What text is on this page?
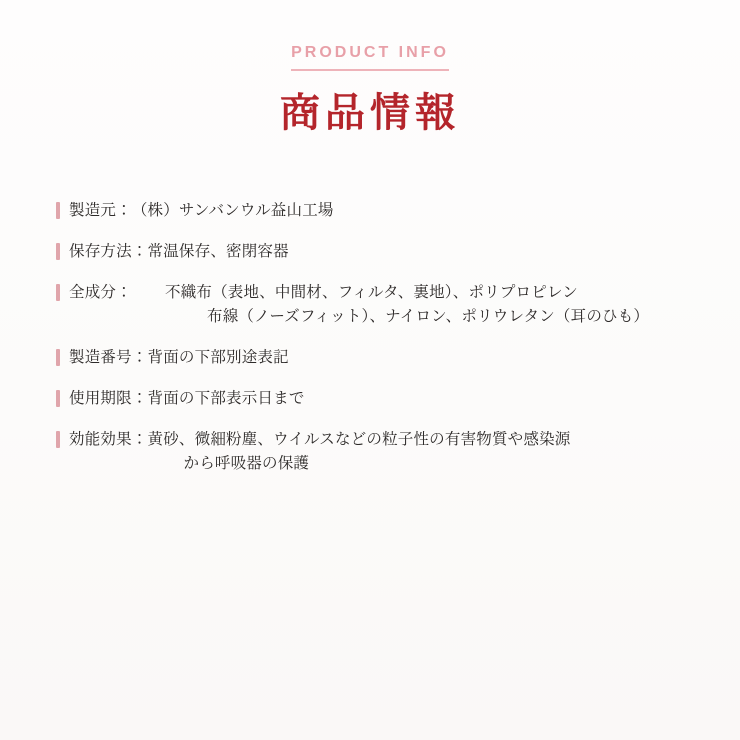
PRODUCT INFO
商品情報
製造元： （株）サンバンウル益山工場
保存方法： 常温保存、密閉容器
全成分：	不織布（表地、中間材、フィルタ、裏地）、ポリプロピレン
布線（ノーズフィット）、ナイロン、ポリウレタン（耳のひも）
製造番号： 背面の下部別途表記
使用期限： 背面の下部表示日まで
効能効果： 黄砂、微細粉塵、ウイルスなどの粒子性の有害物質や感染源
から呼吸器の保護
